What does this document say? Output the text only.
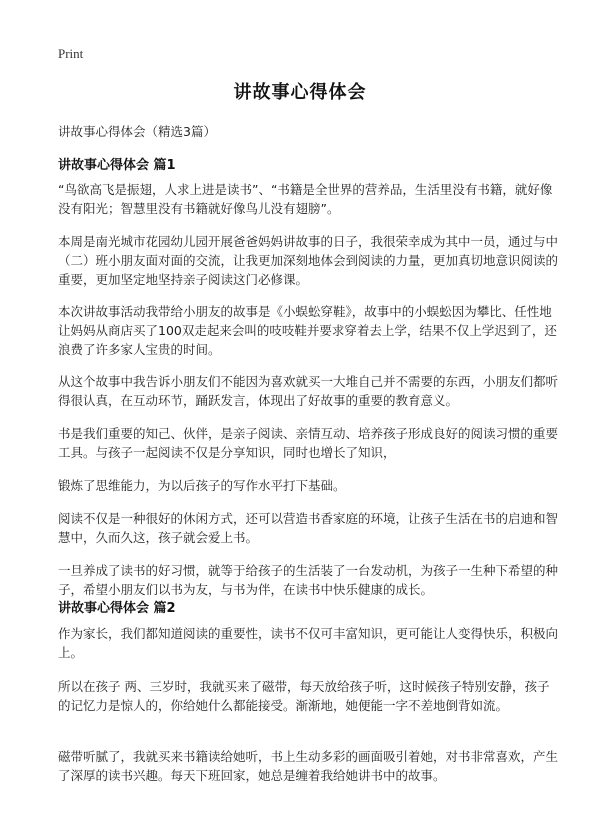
Print
讲故事心得体会
讲故事心得体会（精选3篇）
讲故事心得体会 篇1

“鸟欲高飞是振翅，人求上进是读书”、“书籍是全世界的营养品，生活里没有书籍，就好像没有阳光；智慧里没有书籍就好像鸟儿没有翅膀”。

本周是南光城市花园幼儿园开展爸爸妈妈讲故事的日子，我很荣幸成为其中一员，通过与中（二）班小朋友面对面的交流，让我更加深刻地体会到阅读的力量，更加真切地意识阅读的重要，更加坚定地坚持亲子阅读这门必修课。

本次讲故事活动我带给小朋友的故事是《小蜈蚣穿鞋》，故事中的小蜈蚣因为攀比、任性地让妈妈从商店买了100双走起来会叫的吱吱鞋并要求穿着去上学，结果不仅上学迟到了，还浪费了许多家人宝贵的时间。

从这个故事中我告诉小朋友们不能因为喜欢就买一大堆自己并不需要的东西，小朋友们都听得很认真，在互动环节，踊跃发言，体现出了好故事的重要的教育意义。

书是我们重要的知己、伙伴，是亲子阅读、亲情互动、培养孩子形成良好的阅读习惯的重要工具。与孩子一起阅读不仅是分享知识，同时也增长了知识，

锻炼了思维能力，为以后孩子的写作水平打下基础。

阅读不仅是一种很好的休闲方式，还可以营造书香家庭的环境，让孩子生活在书的启迪和智慧中，久而久这，孩子就会爱上书。

一旦养成了读书的好习惯，就等于给孩子的生活装了一台发动机，为孩子一生种下希望的种子，希望小朋友们以书为友，与书为伴，在读书中快乐健康的成长。

讲故事心得体会 篇2

作为家长，我们都知道阅读的重要性，读书不仅可丰富知识，更可能让人变得快乐，积极向上。

所以在孩子 两、三岁时，我就买来了磁带，每天放给孩子听，这时候孩子特别安静，孩子的记忆力是惊人的，你给她什么都能接受。渐渐地，她便能一字不差地倒背如流。

磁带听腻了，我就买来书籍读给她听，书上生动多彩的画面吸引着她，对书非常喜欢，产生了深厚的读书兴趣。每天下班回家，她总是缠着我给她讲书中的故事。
